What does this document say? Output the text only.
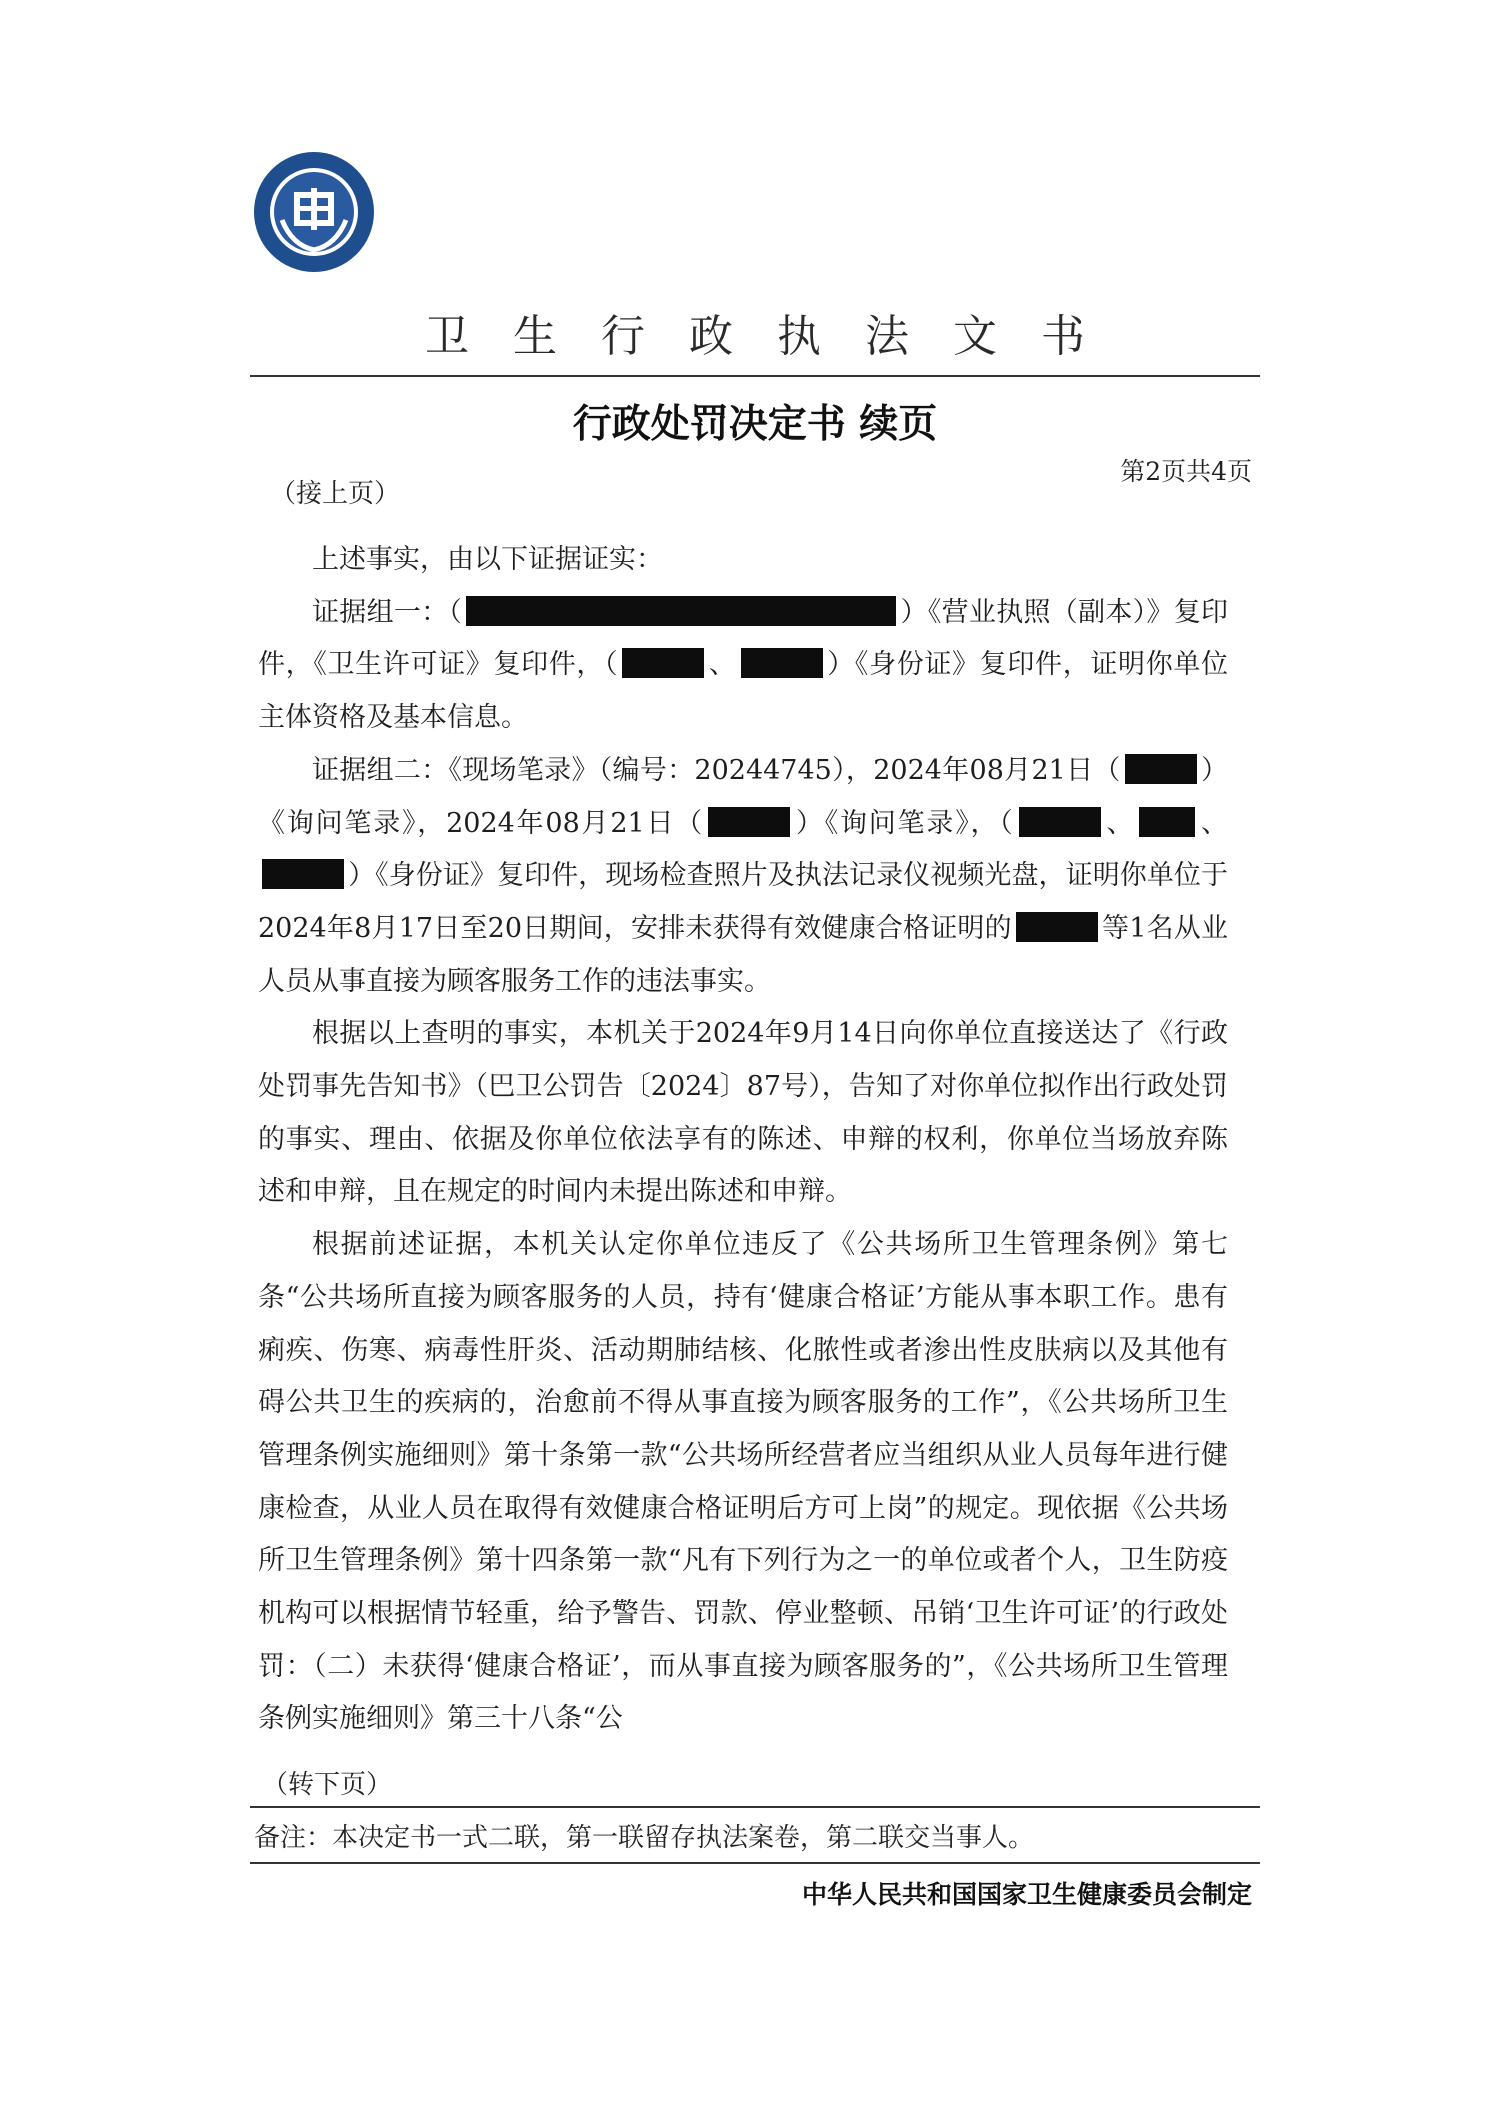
卫生行政执法文书
行政处罚决定书 续页
第2页共4页
（接上页）

上述事实，由以下证据证实：

证据组一：（	）《营业执照（副本）》复印件，《卫生许可证》复印件，（	、	）《身份证》复印件，证明你单位主体资格及基本信息。

证据组二：《现场笔录》（编号：20244745），2024年08月21日（	）《询问笔录》，2024年08月21日（	）《询问笔录》，（	、 、）《身份证》复印件，现场检查照片及执法记录仪视频光盘，证明你单位于2024年8月17日至20日期间，安排未获得有效健康合格证明的	等1名从业人员从事直接为顾客服务工作的违法事实。

根据以上查明的事实，本机关于2024年9月14日向你单位直接送达了《行政处罚事先告知书》（巴卫公罚告〔2024〕87号），告知了对你单位拟作出行政处罚的事实、理由、依据及你单位依法享有的陈述、申辩的权利，你单位当场放弃陈述和申辩，且在规定的时间内未提出陈述和申辩。

根据前述证据，本机关认定你单位违反了《公共场所卫生管理条例》第七条“公共场所直接为顾客服务的人员，持有‘健康合格证’方能从事本职工作。患有痢疾、伤寒、病毒性肝炎、活动期肺结核、化脓性或者渗出性皮肤病以及其他有碍公共卫生的疾病的，治愈前不得从事直接为顾客服务的工作”，《公共场所卫生管理条例实施细则》第十条第一款“公共场所经营者应当组织从业人员每年进行健康检查，从业人员在取得有效健康合格证明后方可上岗”的规定。现依据《公共场所卫生管理条例》第十四条第一款“凡有下列行为之一的单位或者个人，卫生防疫机构可以根据情节轻重，给予警告、罚款、停业整顿、吊销‘卫生许可证’的行政处罚：（二）未获得‘健康合格证’，而从事直接为顾客服务的”，《公共场所卫生管理条例实施细则》第三十八条“公

（转下页）
备注：本决定书一式二联，第一联留存执法案卷，第二联交当事人。
中华人民共和国国家卫生健康委员会制定
